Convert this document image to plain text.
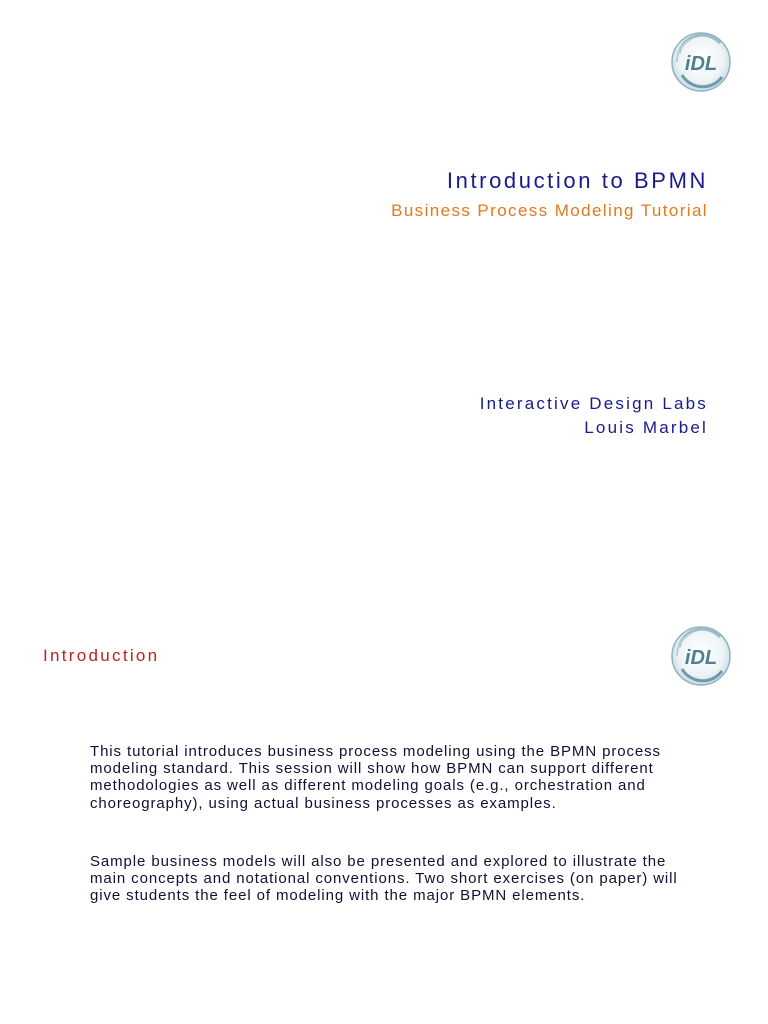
iDL
Introduction to BPMN
Business Process Modeling Tutorial
Interactive Design Labs
Louis Marbel
iDL
Introduction
This tutorial introduces business process modeling using the BPMN process modeling standard. This session will show how BPMN can support different methodologies as well as different modeling goals (e.g., orchestration and choreography), using actual business processes as examples.
Sample business models will also be presented and explored to illustrate the main concepts and notational conventions. Two short exercises (on paper) will give students the feel of modeling with the major BPMN elements.
